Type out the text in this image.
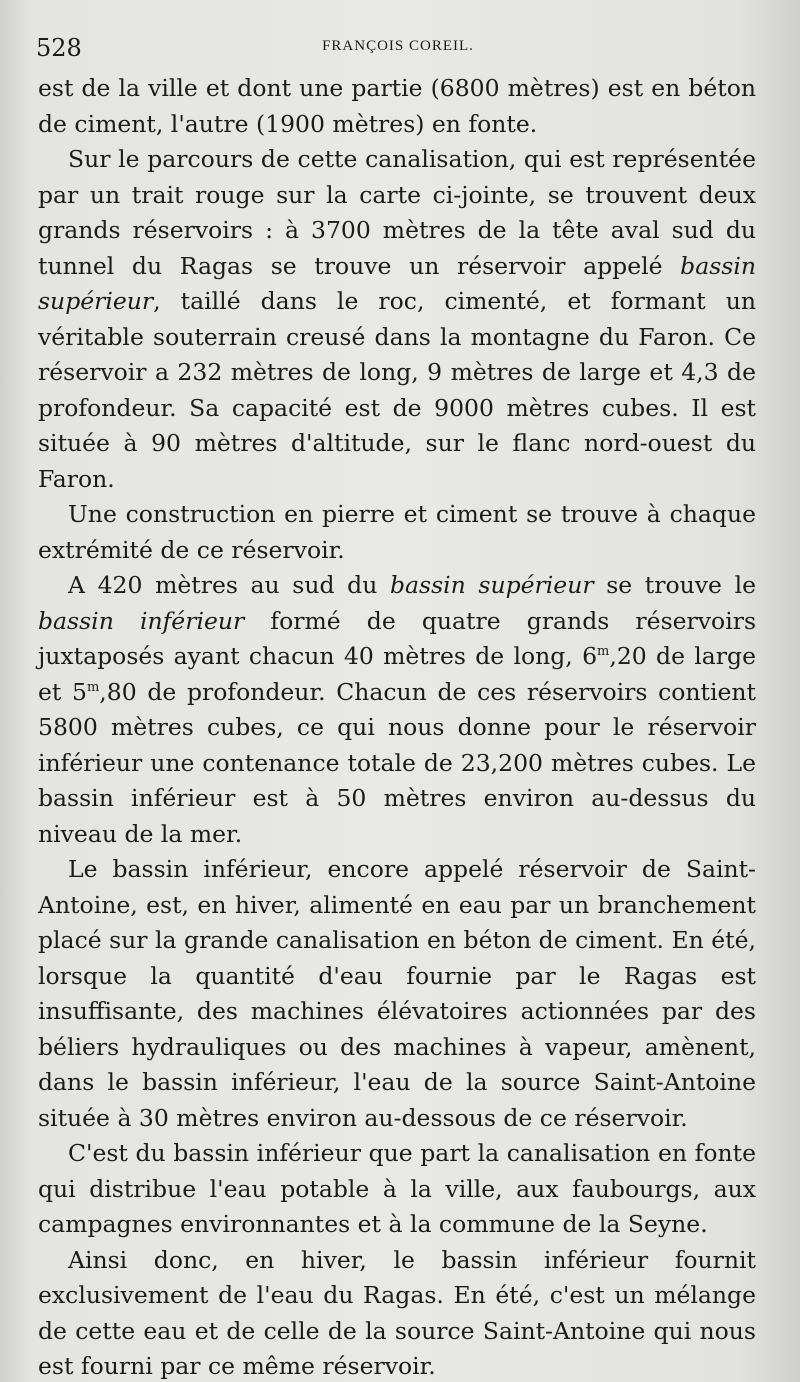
528	FRANÇOIS COREIL.

est de la ville et dont une partie (6800 mètres) est en béton de ciment, l'autre (1900 mètres) en fonte.

Sur le parcours de cette canalisation, qui est représentée par un trait rouge sur la carte ci-jointe, se trouvent deux grands réservoirs : à 3700 mètres de la tête aval sud du tunnel du Ragas se trouve un réservoir appelé bassin supérieur, taillé dans le roc, cimenté, et formant un véritable souterrain creusé dans la montagne du Faron. Ce réservoir a 232 mètres de long, 9 mètres de large et 4,3 de profondeur. Sa capacité est de 9000 mètres cubes. Il est située à 90 mètres d'altitude, sur le flanc nord-ouest du Faron.

Une construction en pierre et ciment se trouve à chaque extrémité de ce réservoir.

A 420 mètres au sud du bassin supérieur se trouve le bassin inférieur formé de quatre grands réservoirs juxtaposés ayant chacun 40 mètres de long, 6$^m$,20 de large et 5$^m$,80 de profondeur. Chacun de ces réservoirs contient 5800 mètres cubes, ce qui nous donne pour le réservoir inférieur une contenance totale de 23,200 mètres cubes. Le bassin inférieur est à 50 mètres environ au-dessus du niveau de la mer.

Le bassin inférieur, encore appelé réservoir de Saint-Antoine, est, en hiver, alimenté en eau par un branchement placé sur la grande canalisation en béton de ciment. En été, lorsque la quantité d'eau fournie par le Ragas est insuffisante, des machines élévatoires actionnées par des béliers hydrauliques ou des machines à vapeur, amènent, dans le bassin inférieur, l'eau de la source Saint-Antoine située à 30 mètres environ au-dessous de ce réservoir.

C'est du bassin inférieur que part la canalisation en fonte qui distribue l'eau potable à la ville, aux faubourgs, aux campagnes environnantes et à la commune de la Seyne.

Ainsi donc, en hiver, le bassin inférieur fournit exclusivement de l'eau du Ragas. En été, c'est un mélange de cette eau et de celle de la source Saint-Antoine qui nous est fourni par ce même réservoir.
